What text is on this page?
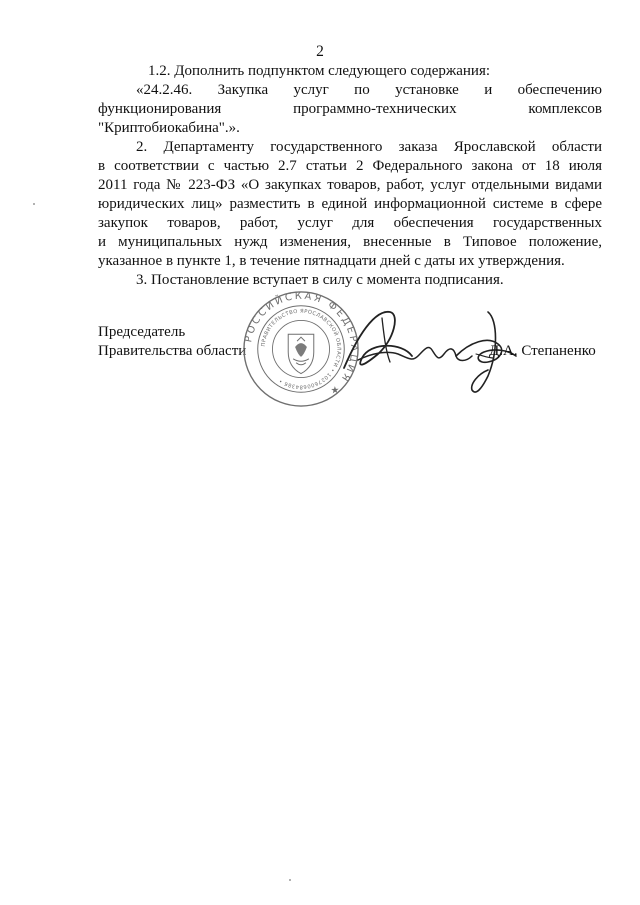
2
1.2. Дополнить подпунктом следующего содержания:
«24.2.46. Закупка услуг по установке и обеспечению
функционирования программно-технических комплексов
"Криптобиокабина".».
2. Департаменту государственного заказа Ярославской области
в соответствии с частью 2.7 статьи 2 Федерального закона от 18 июля
2011 года № 223-ФЗ «О закупках товаров, работ, услуг отдельными видами
юридических лиц» разместить в единой информационной системе в сфере
закупок товаров, работ, услуг для обеспечения государственных
и муниципальных нужд изменения, внесенные в Типовое положение,
указанное в пункте 1, в течение пятнадцати дней с даты их утверждения.
3. Постановление вступает в силу с момента подписания.
Председатель
Правительства области
РОССИЙСКАЯ ФЕДЕРАЦИЯ ★
ПРАВИТЕЛЬСТВО ЯРОСЛАВСКОЙ ОБЛАСТИ • 1027600684386 •
Д.А. Степаненко
